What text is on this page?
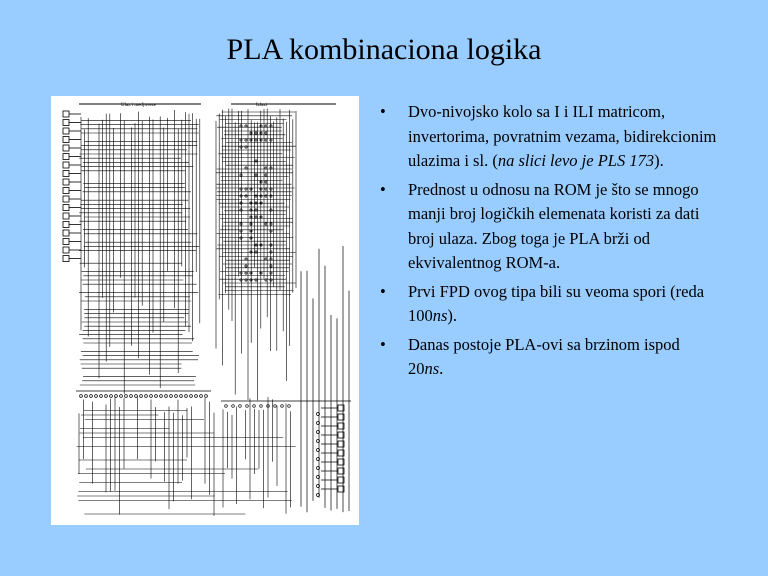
PLA kombinaciona logika
Ulaz i medjuveze	Izlazi	• Dvo-nivojsko kolo sa I i ILI matricom, invertorima, povratnim vezama, bidirekcionim ulazima i sl. (na slici levo je PLS 173).
• Prednost u odnosu na ROM je što se mnogo manji broj logičkih elemenata koristi za dati broj ulaza. Zbog toga je PLA brži od ekvivalentnog ROM-a.
• Prvi FPD ovog tipa bili su veoma spori (reda 100ns).
• Danas postoje PLA-ovi sa brzinom ispod 20ns.
